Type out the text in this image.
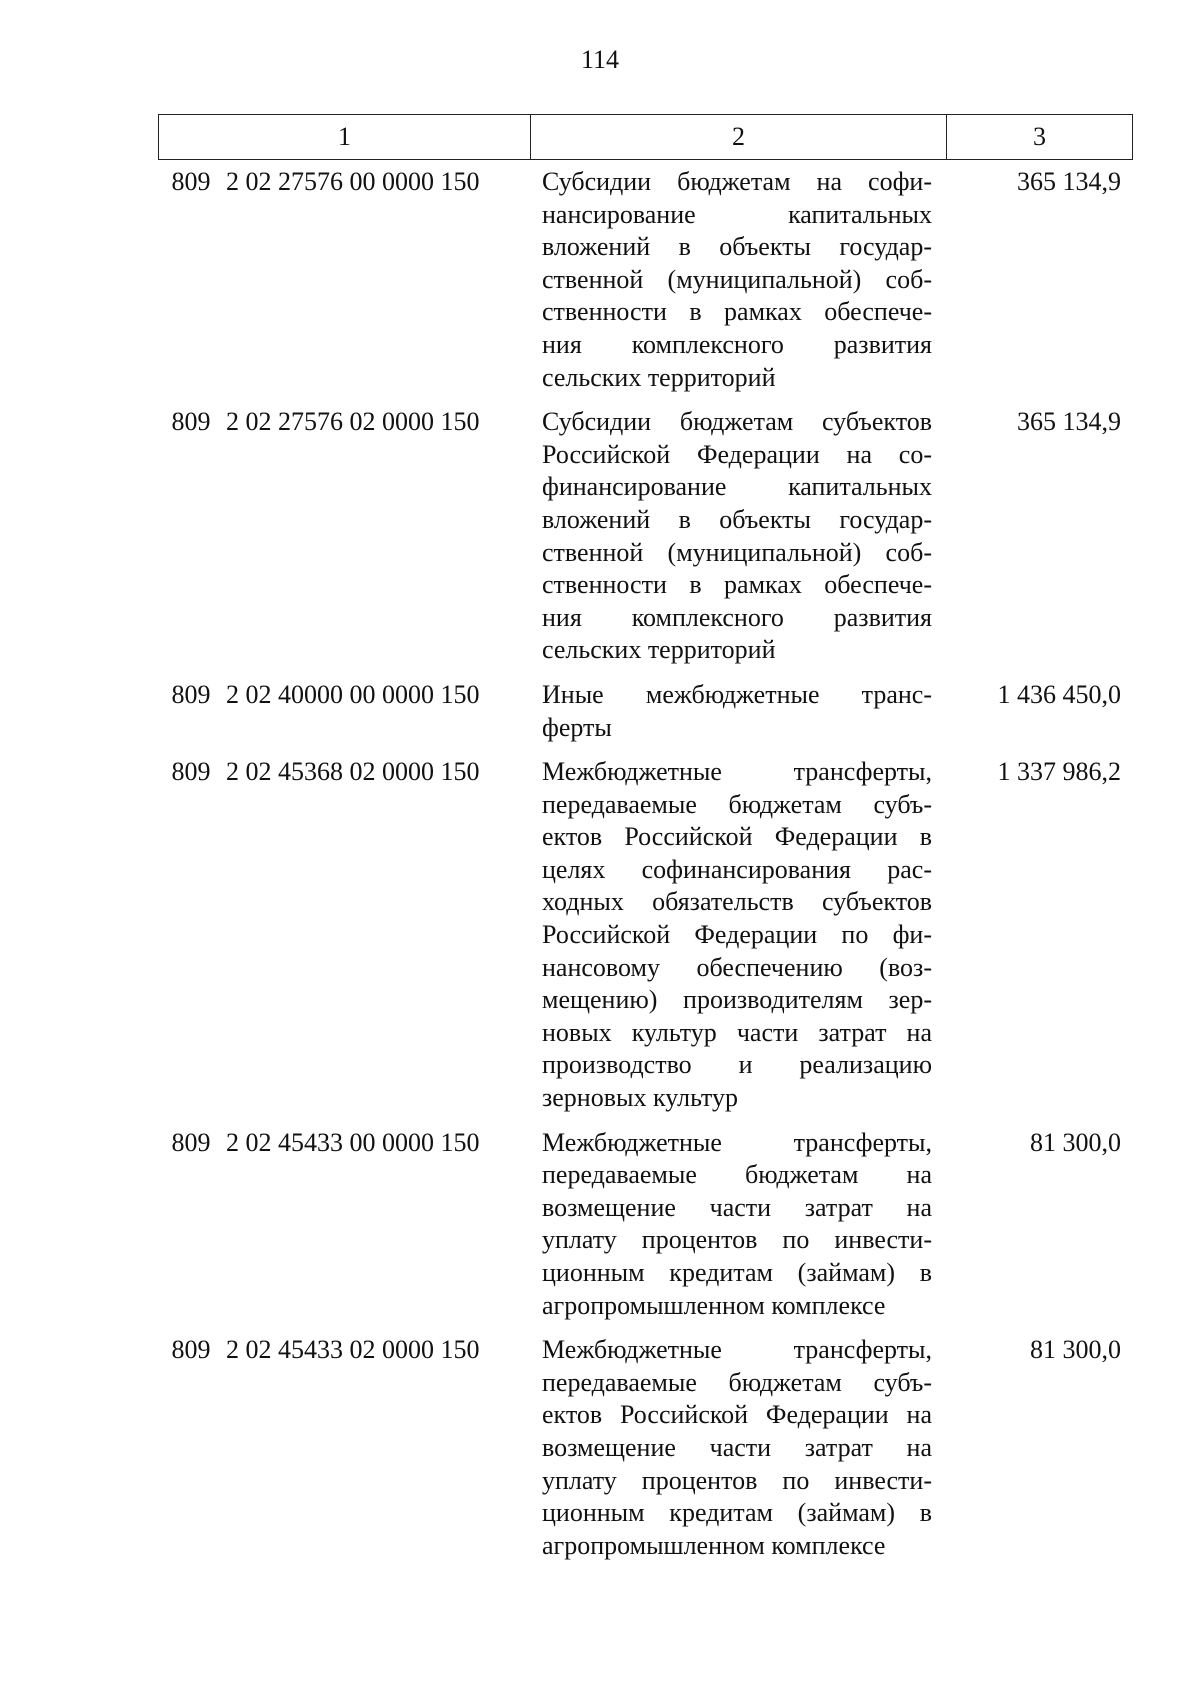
114
1	2	3
809 2 02 27576 00 0000 150	Субсидии бюджетам на софи-
нансирование капитальных
вложений в объекты государ-
ственной (муниципальной) соб-
ственности в рамках обеспече-
ния комплексного развития
сельских территорий
365 134,9
809 2 02 27576 02 0000 150	Субсидии бюджетам субъектов
Российской Федерации на со-
финансирование капитальных
вложений в объекты государ-
ственной (муниципальной) соб-
ственности в рамках обеспече-
ния комплексного развития
сельских территорий
365 134,9
809 2 02 40000 00 0000 150	Иные межбюджетные транс-
ферты
1 436 450,0
809 2 02 45368 02 0000 150	Межбюджетные трансферты,
передаваемые бюджетам субъ-
ектов Российской Федерации в
целях софинансирования рас-
ходных обязательств субъектов
Российской Федерации по фи-
нансовому обеспечению (воз-
мещению) производителям зер-
новых культур части затрат на
производство и реализацию
зерновых культур
1 337 986,2
809 2 02 45433 00 0000 150	Межбюджетные трансферты,
передаваемые бюджетам на
возмещение части затрат на
уплату процентов по инвести-
ционным кредитам (займам) в
агропромышленном комплексе
81 300,0
809 2 02 45433 02 0000 150	Межбюджетные трансферты,
передаваемые бюджетам субъ-
ектов Российской Федерации на
возмещение части затрат на
уплату процентов по инвести-
ционным кредитам (займам) в
агропромышленном комплексе
81 300,0
